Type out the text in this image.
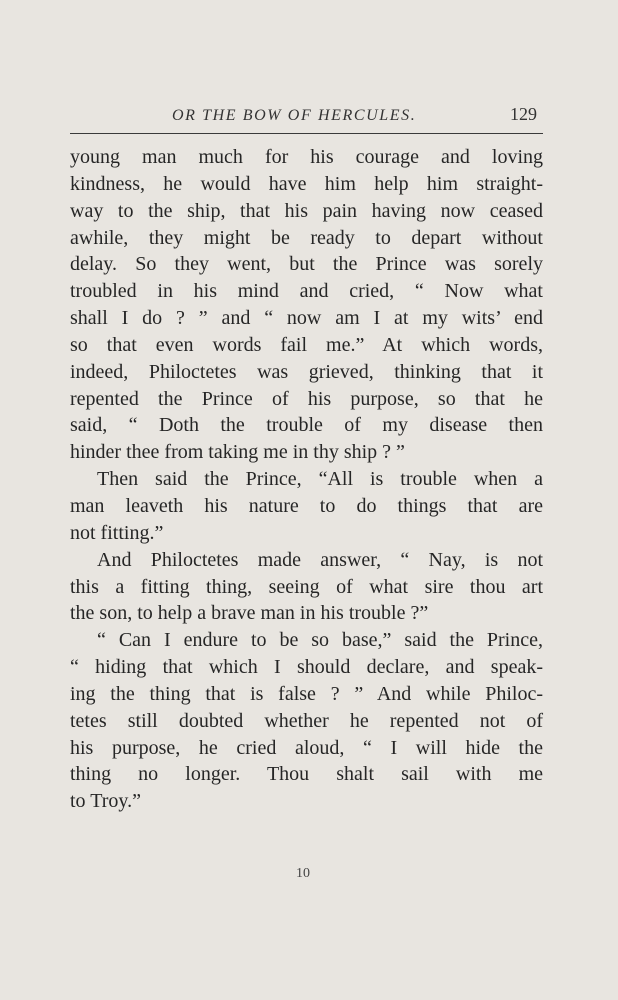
OR THE BOW OF HERCULES.	129
young man much for his courage and loving
kindness, he would have him help him straight-
way to the ship, that his pain having now ceased
awhile, they might be ready to depart without
delay. So they went, but the Prince was sorely
troubled in his mind and cried, “ Now what
shall I do ? ” and “ now am I at my wits’ end
so that even words fail me.” At which words,
indeed, Philoctetes was grieved, thinking that it
repented the Prince of his purpose, so that he
said, “ Doth the trouble of my disease then
hinder thee from taking me in thy ship ? ”
Then said the Prince, “All is trouble when a
man leaveth his nature to do things that are
not fitting.”
And Philoctetes made answer, “ Nay, is not
this a fitting thing, seeing of what sire thou art
the son, to help a brave man in his trouble ?”
“ Can I endure to be so base,” said the Prince,
“ hiding that which I should declare, and speak-
ing the thing that is false ? ” And while Philoc-
tetes still doubted whether he repented not of
his purpose, he cried aloud, “ I will hide the
thing no longer. Thou shalt sail with me
to Troy.”
10
